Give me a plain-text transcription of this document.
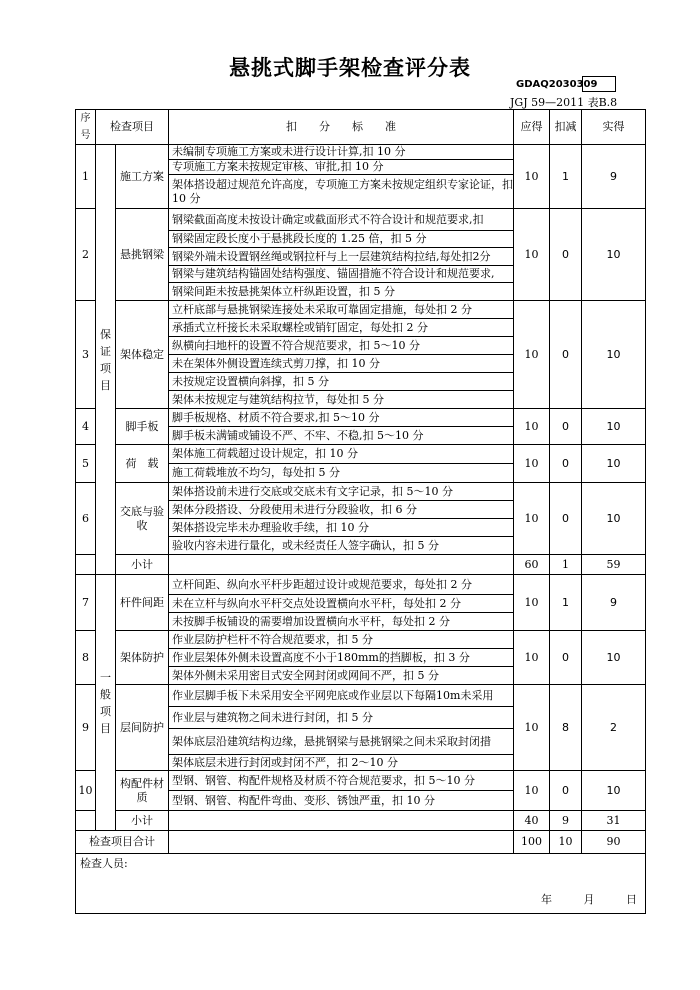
悬挑式脚手架检查评分表
GDAQ2030309
JGJ 59—2011 表B.8
序号	检查项目		扣　　分　　标　　准	应得	扣减	实得
1	保证项目	施工方案	未编制专项施工方案或未进行设计计算,扣 10 分	10	1	9
			专项施工方案未按规定审核、审批,扣 10 分			
			架体搭设超过规范允许高度，专项施工方案未按规定组织专家论证，扣 10 分			
2		悬挑钢梁	钢梁截面高度未按设计确定或截面形式不符合设计和规范要求,扣	10	0	10
			钢梁固定段长度小于悬挑段长度的 1.25 倍，扣 5 分			
			钢梁外端未设置钢丝绳或钢拉杆与上一层建筑结构拉结,每处扣2分			
			钢梁与建筑结构锚固处结构强度、锚固措施不符合设计和规范要求,			
			钢梁间距未按悬挑架体立杆纵距设置，扣 5 分			
3		架体稳定	立杆底部与悬挑钢梁连接处未采取可靠固定措施，每处扣 2 分	10	0	10
			承插式立杆接长未采取螺栓或销钉固定，每处扣 2 分			
			纵横向扫地杆的设置不符合规范要求，扣 5～10 分			
			未在架体外侧设置连续式剪刀撑，扣 10 分			
			未按规定设置横向斜撑，扣 5 分			
			架体未按规定与建筑结构拉节，每处扣 5 分			
4		脚手板	脚手板规格、材质不符合要求,扣 5～10 分	10	0	10
			脚手板未满铺或铺设不严、不牢、不稳,扣 5～10 分			
5		荷　载	架体施工荷载超过设计规定，扣 10 分	10	0	10
			施工荷载堆放不均匀，每处扣 5 分			
6		交底与验　收	架体搭设前未进行交底或交底未有文字记录，扣 5～10 分	10	0	10
			架体分段搭设、分段使用未进行分段验收，扣 6 分			
			架体搭设完毕未办理验收手续，扣 10 分			
			验收内容未进行量化，或未经责任人签字确认，扣 5 分			
		小计		60	1	59
7	一般项目	杆件间距	立杆间距、纵向水平杆步距超过设计或规范要求，每处扣 2 分	10	1	9
			未在立杆与纵向水平杆交点处设置横向水平杆，每处扣 2 分			
			未按脚手板铺设的需要增加设置横向水平杆，每处扣 2 分			
8		架体防护	作业层防护栏杆不符合规范要求，扣 5 分	10	0	10
			作业层架体外侧未设置高度不小于180mm的挡脚板，扣 3 分			
			架体外侧未采用密目式安全网封闭或网间不严，扣 5 分			
9		层间防护	作业层脚手板下未采用安全平网兜底或作业层以下每隔10m未采用	10	8	2
			作业层与建筑物之间未进行封闭，扣 5 分			
			架体底层沿建筑结构边缘，悬挑钢梁与悬挑钢梁之间未采取封闭措			
			架体底层未进行封闭或封闭不严，扣 2～10 分			
10		构配件材质	型钢、钢管、构配件规格及材质不符合规范要求，扣 5～10 分	10	0	10
			型钢、钢管、构配件弯曲、变形、锈蚀严重，扣 10 分			
		小计		40	9	31
检查项目合计				100	10	90
检查人员:
年 月 日						
